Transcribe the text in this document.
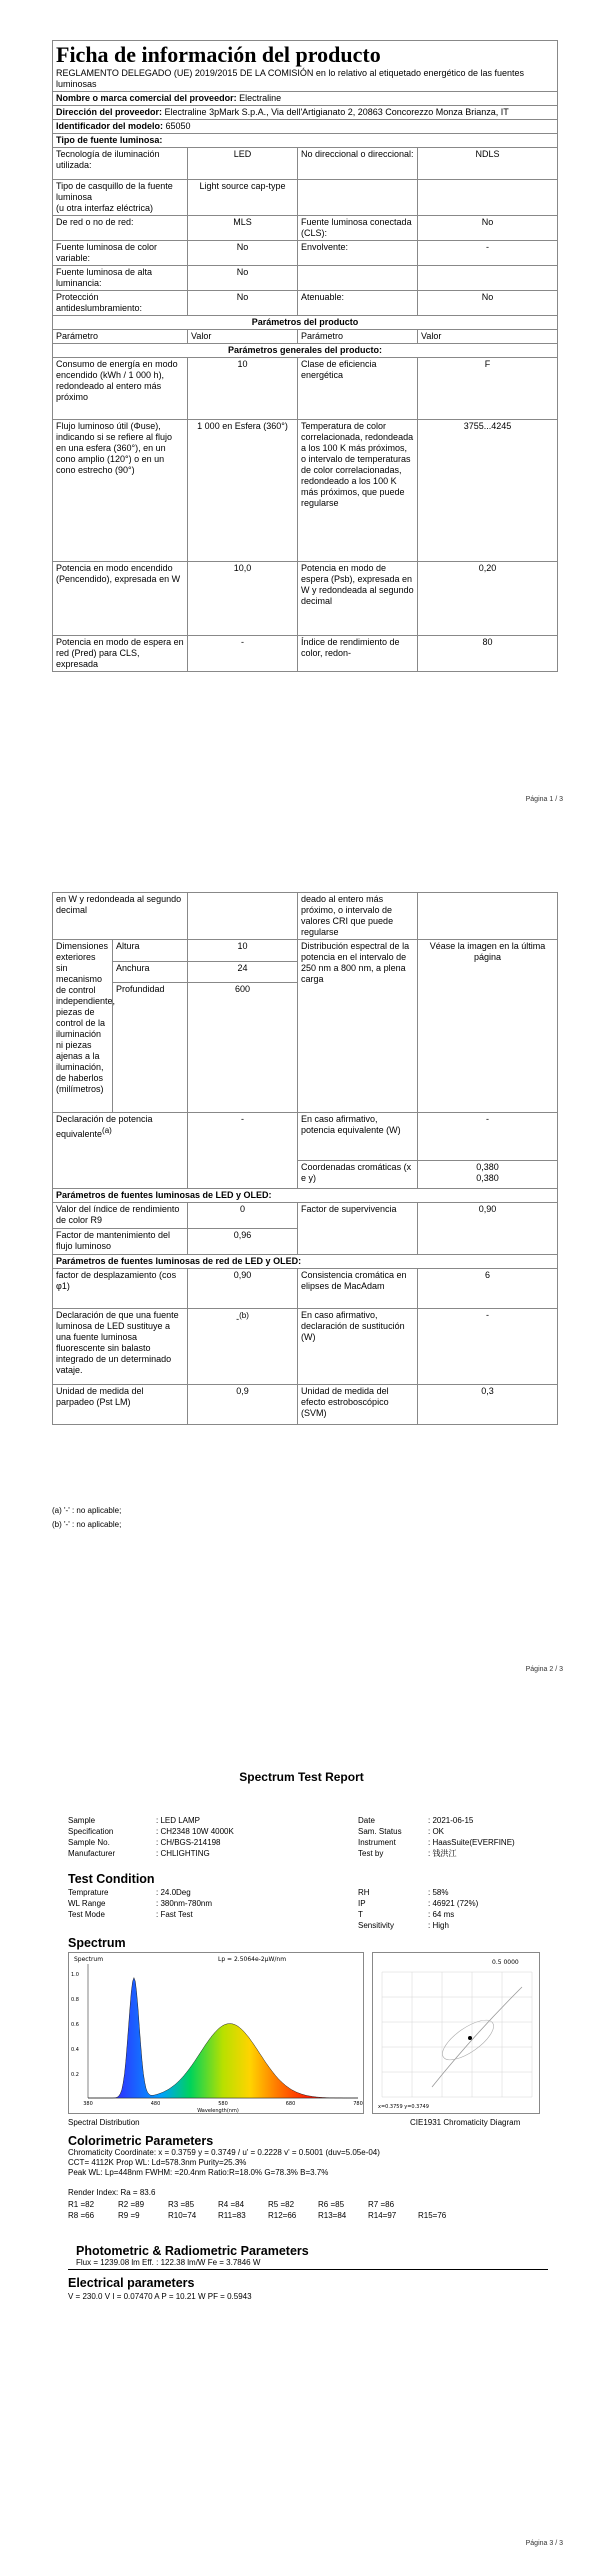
Ficha de información del producto
REGLAMENTO DELEGADO (UE) 2019/2015 DE LA COMISIÓN en lo relativo al etiquetado energético de las fuentes luminosas			

Nombre o marca comercial del proveedor: Electraline			
Dirección del proveedor: Electraline 3pMark S.p.A., Via dell'Artigianato 2, 20863 Concorezzo Monza Brianza, IT			
Identificador del modelo: 65050			
Tipo de fuente luminosa:			
Tecnología de iluminación utilizada:	LED	No direccional o direccional:	NDLS
Tipo de casquillo de la fuente luminosa
(u otra interfaz eléctrica)	Light source cap-type		
De red o no de red:	MLS	Fuente luminosa conectada (CLS):	No
Fuente luminosa de color variable:	No	Envolvente:	-
Fuente luminosa de alta luminancia:	No		
Protección antideslumbramiento:	No	Atenuable:	No
Parámetros del producto			
Parámetro	Valor	Parámetro	Valor
Parámetros generales del producto:			
Consumo de energía en modo encendido (kWh / 1 000 h), redondeado al entero más próximo	10	Clase de eficiencia energética	F
Flujo luminoso útil (Φuse), indicando si se refiere al flujo en una esfera (360°), en un cono amplio (120°) o en un cono estrecho (90°)	1 000 en Esfera (360°)	Temperatura de color correlacionada, redondeada a los 100 K más próximos, o intervalo de temperaturas de color correlacionadas, redondeado a los 100 K más próximos, que puede regularse	3755...4245
Potencia en modo encendido (Pencendido), expresada en W	10,0	Potencia en modo de espera (Psb), expresada en W y redondeada al segundo decimal	0,20
Potencia en modo de espera en red (Pred) para CLS, expresada	-	Índice de rendimiento de color, redon-	80
Página 1 / 3
en W y redondeada al segundo decimal			deado al entero más próximo, o intervalo de valores CRI que puede regularse	
Dimensiones exteriores sin mecanismo de control independiente, piezas de control de la iluminación ni piezas ajenas a la iluminación, de haberlos (milímetros)	Altura	10	Distribución espectral de la potencia en el intervalo de 250 nm a 800 nm, a plena carga	Véase la imagen en la última página
	Anchura	24		
	Profundidad	600		
Declaración de potencia equivalente$^{(a)}$		-	En caso afirmativo, potencia equivalente (W)	-
			Coordenadas cromáticas (x e y)	0,380
0,380
Parámetros de fuentes luminosas de LED y OLED:				
Valor del índice de rendimiento de color R9		0	Factor de supervivencia	0,90
Factor de mantenimiento del flujo luminoso		0,96		
Parámetros de fuentes luminosas de red de LED y OLED:				
factor de desplazamiento (cos φ1)		0,90	Consistencia cromática en elipses de MacAdam	6
Declaración de que una fuente luminosa de LED sustituye a una fuente luminosa fluorescente sin balasto integrado de un determinado vataje.		-$^{(b)}$	En caso afirmativo, declaración de sustitución (W)	-
Unidad de medida del parpadeo (Pst LM)		0,9	Unidad de medida del efecto estroboscópico (SVM)	0,3
(a) '-' : no aplicable;
(b) '-' : no aplicable;
Página 2 / 3
Spectrum Test Report
Sample	: LED LAMP	Date	: 2021-06-15
Specification	: CH2348 10W 4000K	Sam. Status	: OK
Sample No.	: CH/BGS-214198	Instrument	: HaasSuite(EVERFINE)
Manufacturer	: CHLIGHTING	Test by	: 钱洪江
Test Condition
Temprature	: 24.0Deg	RH	: 58%
WL Range	: 380nm-780nm	IP	: 46921 (72%)
Test Mode	: Fast Test	T	: 64 ms
Sensitivity	: High
Spectrum
Spectrum	Lp = 2.5064e-2µW/nm
1.0
0.8
0.6
0.4
0.2
380	480	580	680	780
Wavelength(nm)
0.5 0000
x=0.3759 y=0.3749
Spectral Distribution	CIE1931 Chromaticity Diagram
Colorimetric Parameters
Chromaticity Coordinate: x = 0.3759 y = 0.3749 / u' = 0.2228 v' = 0.5001 (duv=5.05e-04)
CCT= 4112K Prop WL: Ld=578.3nm Purity=25.3%
Peak WL: Lp=448nm FWHM: =20.4nm Ratio:R=18.0% G=78.3% B=3.7%
Render Index: Ra = 83.6
R1 =82	R2 =89	R3 =85	R4 =84	R5 =82	R6 =85	R7 =86
R8 =66	R9 =9	R10=74	R11=83	R12=66	R13=84	R14=97	R15=76
Photometric & Radiometric Parameters
Flux = 1239.08 lm Eff. : 122.38 lm/W Fe = 3.7846 W
Electrical parameters
V = 230.0 V I = 0.07470 A P = 10.21 W PF = 0.5943
Página 3 / 3
